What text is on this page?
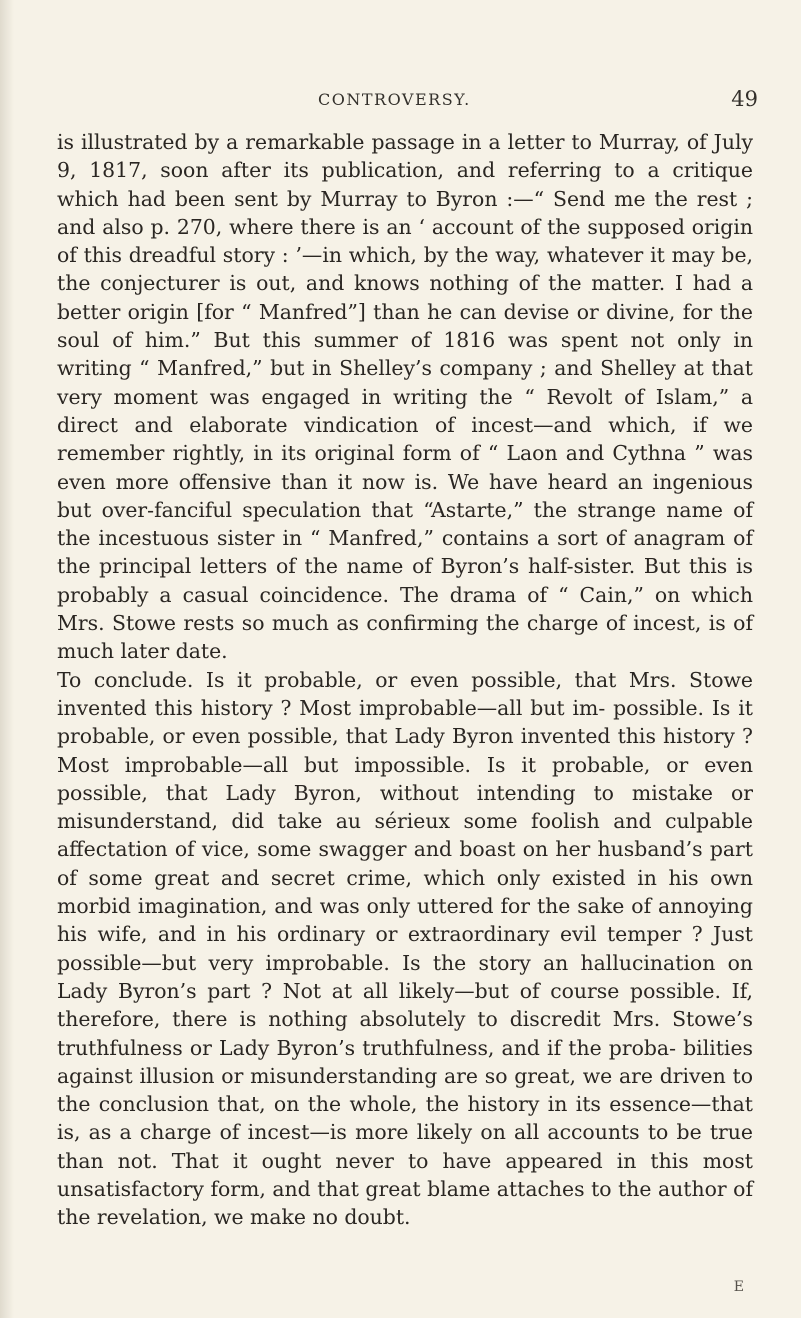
CONTROVERSY.	49

is illustrated by a remarkable passage in a letter to Murray, of July 9, 1817, soon after its publication, and referring to a critique which had been sent by Murray to Byron :—“ Send me the rest ; and also p. 270, where there is an ‘ account of the supposed origin of this dreadful story : ’—in which, by the way, whatever it may be, the conjecturer is out, and knows nothing of the matter. I had a better origin [for “ Manfred”] than he can devise or divine, for the soul of him.” But this summer of 1816 was spent not only in writing “ Manfred,” but in Shelley’s company ; and Shelley at that very moment was engaged in writing the “ Revolt of Islam,” a direct and elaborate vindication of incest—and which, if we remember rightly, in its original form of “ Laon and Cythna ” was even more offensive than it now is. We have heard an ingenious but over-fanciful speculation that “Astarte,” the strange name of the incestuous sister in “ Manfred,” contains a sort of anagram of the principal letters of the name of Byron’s half-sister. But this is probably a casual coincidence. The drama of “ Cain,” on which Mrs. Stowe rests so much as confirming the charge of incest, is of much later date.

To conclude. Is it probable, or even possible, that Mrs. Stowe invented this history ? Most improbable—all but im- possible. Is it probable, or even possible, that Lady Byron invented this history ? Most improbable—all but impossible. Is it probable, or even possible, that Lady Byron, without intending to mistake or misunderstand, did take au sérieux some foolish and culpable affectation of vice, some swagger and boast on her husband’s part of some great and secret crime, which only existed in his own morbid imagination, and was only uttered for the sake of annoying his wife, and in his ordinary or extraordinary evil temper ? Just possible—but very improbable. Is the story an hallucination on Lady Byron’s part ? Not at all likely—but of course possible. If, therefore, there is nothing absolutely to discredit Mrs. Stowe’s truthfulness or Lady Byron’s truthfulness, and if the proba- bilities against illusion or misunderstanding are so great, we are driven to the conclusion that, on the whole, the history in its essence—that is, as a charge of incest—is more likely on all accounts to be true than not. That it ought never to have appeared in this most unsatisfactory form, and that great blame attaches to the author of the revelation, we make no doubt.

E
